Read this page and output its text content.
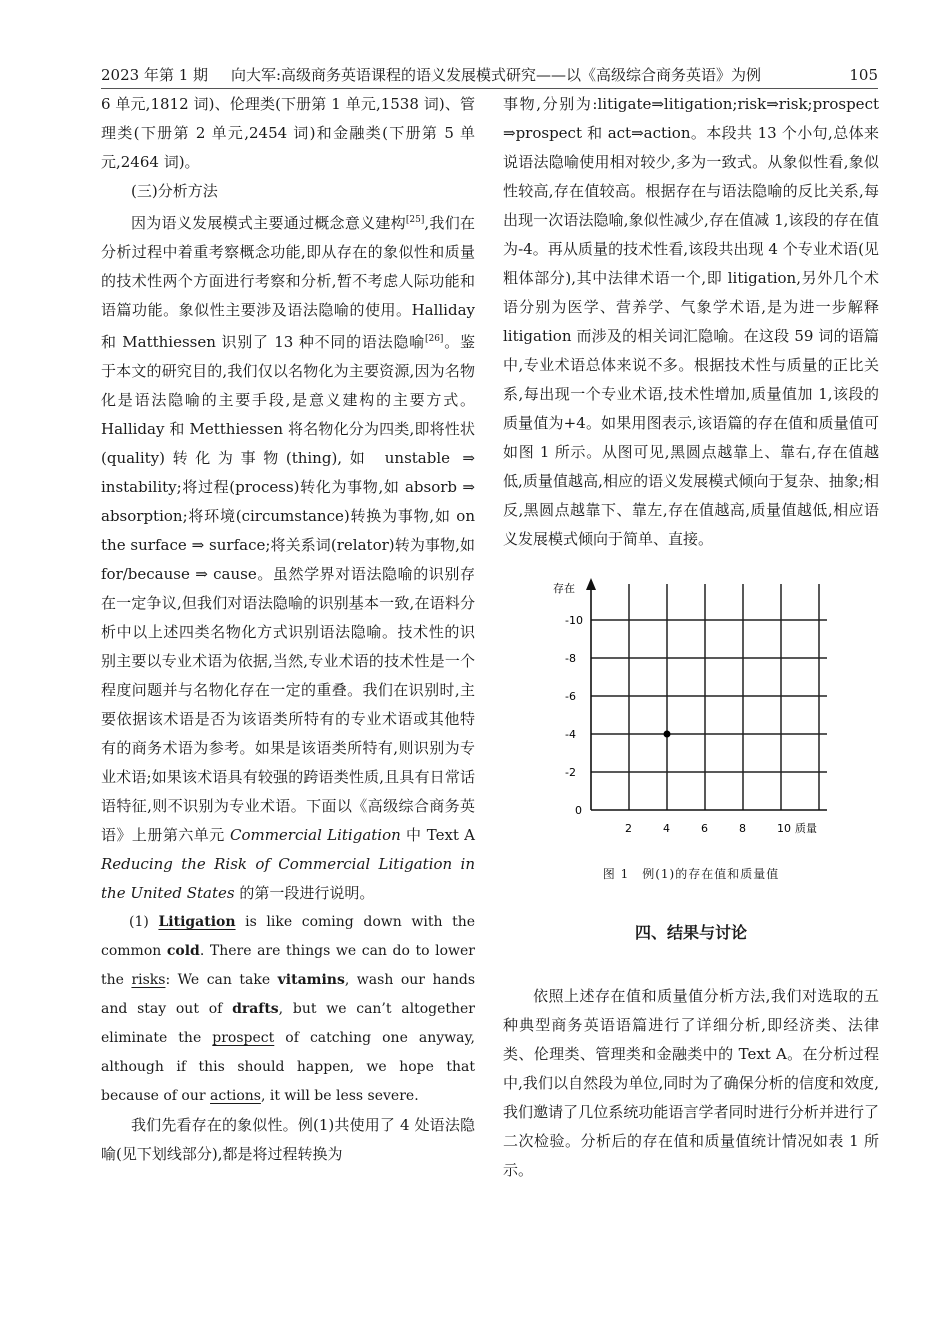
2023 年第 1 期 向大军:高级商务英语课程的语义发展模式研究——以《高级综合商务英语》为例	105

6 单元,1812 词)、伦理类(下册第 1 单元,1538 词)、管理类(下册第 2 单元,2454 词)和金融类(下册第 5 单元,2464 词)。

(三)分析方法

因为语义发展模式主要通过概念意义建构[25],我们在分析过程中着重考察概念功能,即从存在的象似性和质量的技术性两个方面进行考察和分析,暂不考虑人际功能和语篇功能。象似性主要涉及语法隐喻的使用。Halliday 和 Matthiessen 识别了 13 种不同的语法隐喻[26]。鉴于本文的研究目的,我们仅以名物化为主要资源,因为名物化是语法隐喻的主要手段,是意义建构的主要方式。Halliday 和 Metthiessen 将名物化分为四类,即将性状(quality)转化为事物(thing),如 unstable ⇒ instability;将过程(process)转化为事物,如 absorb ⇒ absorption;将环境(circumstance)转换为事物,如 on the surface ⇒ surface;将关系词(relator)转为事物,如 for/because ⇒ cause。虽然学界对语法隐喻的识别存在一定争议,但我们对语法隐喻的识别基本一致,在语料分析中以上述四类名物化方式识别语法隐喻。技术性的识别主要以专业术语为依据,当然,专业术语的技术性是一个程度问题并与名物化存在一定的重叠。我们在识别时,主要依据该术语是否为该语类所特有的专业术语或其他特有的商务术语为参考。如果是该语类所特有,则识别为专业术语;如果该术语具有较强的跨语类性质,且具有日常话语特征,则不识别为专业术语。下面以《高级综合商务英语》上册第六单元 Commercial Litigation 中 Text A Reducing the Risk of Commercial Litigation in the United States 的第一段进行说明。

(1) Litigation is like coming down with the common cold. There are things we can do to lower the risks: We can take vitamins, wash our hands and stay out of drafts, but we can’t altogether eliminate the prospect of catching one anyway, although if this should happen, we hope that because of our actions, it will be less severe.

我们先看存在的象似性。例(1)共使用了 4 处语法隐喻(见下划线部分),都是将过程转换为

事物,分别为:litigate⇒litigation;risk⇒risk;prospect ⇒prospect 和 act⇒action。本段共 13 个小句,总体来说语法隐喻使用相对较少,多为一致式。从象似性看,象似性较高,存在值较高。根据存在与语法隐喻的反比关系,每出现一次语法隐喻,象似性减少,存在值减 1,该段的存在值为-4。再从质量的技术性看,该段共出现 4 个专业术语(见粗体部分),其中法律术语一个,即 litigation,另外几个术语分别为医学、营养学、气象学术语,是为进一步解释 litigation 而涉及的相关词汇隐喻。在这段 59 词的语篇中,专业术语总体来说不多。根据技术性与质量的正比关系,每出现一个专业术语,技术性增加,质量值加 1,该段的质量值为+4。如果用图表示,该语篇的存在值和质量值可如图 1 所示。从图可见,黑圆点越靠上、靠右,存在值越低,质量值越高,相应的语义发展模式倾向于复杂、抽象;相反,黑圆点越靠下、靠左,存在值越高,质量值越低,相应语义发展模式倾向于简单、直接。

存在
0
-2
-4
-6
-8
-10
2	4	6	8	10 质量
图 1　例(1)的存在值和质量值
四、结果与讨论

依照上述存在值和质量值分析方法,我们对选取的五种典型商务英语语篇进行了详细分析,即经济类、法律类、伦理类、管理类和金融类中的 Text A。在分析过程中,我们以自然段为单位,同时为了确保分析的信度和效度,我们邀请了几位系统功能语言学者同时进行分析并进行了二次检验。分析后的存在值和质量值统计情况如表 1 所示。
